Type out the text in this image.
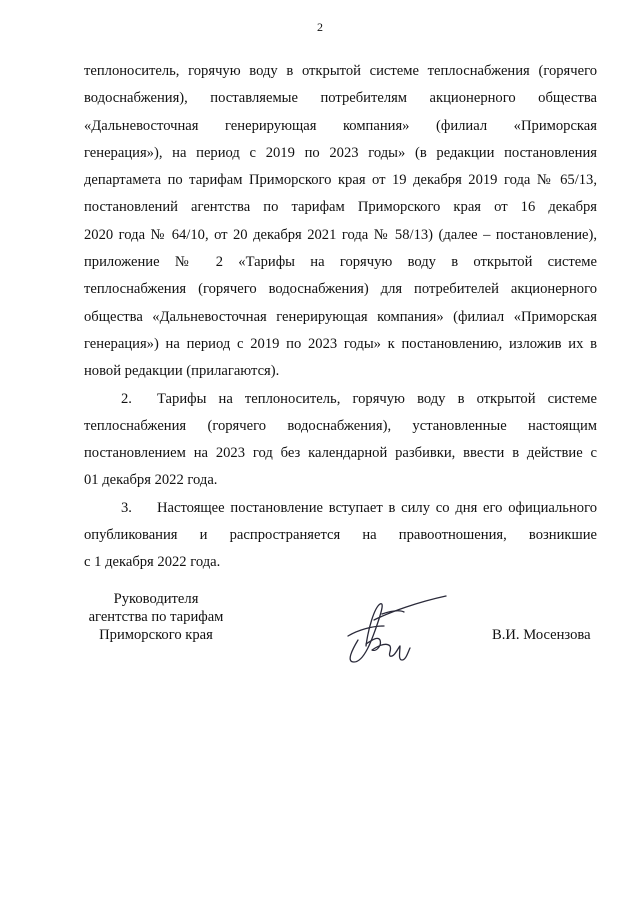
2
теплоноситель, горячую воду в открытой системе теплоснабжения (горячего
водоснабжения), поставляемые потребителям акционерного общества
«Дальневосточная генерирующая компания» (филиал «Приморская
генерация»), на период с 2019 по 2023 годы» (в редакции постановления
департамета по тарифам Приморского края от 19 декабря 2019 года № 65/13,
постановлений агентства по тарифам Приморского края от 16 декабря
2020 года № 64/10, от 20 декабря 2021 года № 58/13) (далее – постановление),
приложение № 2 «Тарифы на горячую воду в открытой системе
теплоснабжения (горячего водоснабжения) для потребителей акционерного
общества «Дальневосточная генерирующая компания» (филиал «Приморская
генерация») на период с 2019 по 2023 годы» к постановлению, изложив их в
новой редакции (прилагаются).
2. Тарифы на теплоноситель, горячую воду в открытой системе
теплоснабжения (горячего водоснабжения), установленные настоящим
постановлением на 2023 год без календарной разбивки, ввести в действие с
01 декабря 2022 года.
3. Настоящее постановление вступает в силу со дня его официального
опубликования и распространяется на правоотношения, возникшие
с 1 декабря 2022 года.
Руководителя
агентства по тарифам
Приморского края	В.И. Мосензова
